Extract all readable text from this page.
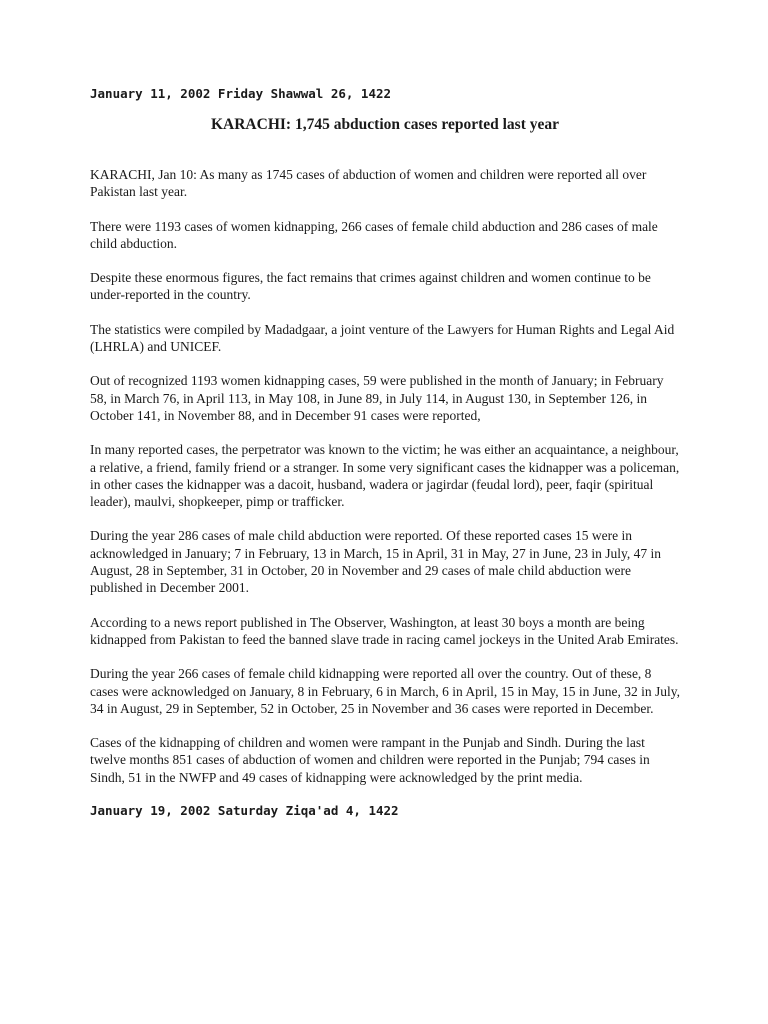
January 11, 2002 Friday Shawwal 26, 1422

KARACHI: 1,745 abduction cases reported last year

KARACHI, Jan 10: As many as 1745 cases of abduction of women and children were reported all over Pakistan last year.

There were 1193 cases of women kidnapping, 266 cases of female child abduction and 286 cases of male child abduction.

Despite these enormous figures, the fact remains that crimes against children and women continue to be under-reported in the country.

The statistics were compiled by Madadgaar, a joint venture of the Lawyers for Human Rights and Legal Aid (LHRLA) and UNICEF.

Out of recognized 1193 women kidnapping cases, 59 were published in the month of January; in February 58, in March 76, in April 113, in May 108, in June 89, in July 114, in August 130, in September 126, in October 141, in November 88, and in December 91 cases were reported,

In many reported cases, the perpetrator was known to the victim; he was either an acquaintance, a neighbour, a relative, a friend, family friend or a stranger. In some very significant cases the kidnapper was a policeman, in other cases the kidnapper was a dacoit, husband, wadera or jagirdar (feudal lord), peer, faqir (spiritual leader), maulvi, shopkeeper, pimp or trafficker.

During the year 286 cases of male child abduction were reported. Of these reported cases 15 were in acknowledged in January; 7 in February, 13 in March, 15 in April, 31 in May, 27 in June, 23 in July, 47 in August, 28 in September, 31 in October, 20 in November and 29 cases of male child abduction were published in December 2001.

According to a news report published in The Observer, Washington, at least 30 boys a month are being kidnapped from Pakistan to feed the banned slave trade in racing camel jockeys in the United Arab Emirates.

During the year 266 cases of female child kidnapping were reported all over the country. Out of these, 8 cases were acknowledged on January, 8 in February, 6 in March, 6 in April, 15 in May, 15 in June, 32 in July, 34 in August, 29 in September, 52 in October, 25 in November and 36 cases were reported in December.

Cases of the kidnapping of children and women were rampant in the Punjab and Sindh. During the last twelve months 851 cases of abduction of women and children were reported in the Punjab; 794 cases in Sindh, 51 in the NWFP and 49 cases of kidnapping were acknowledged by the print media.

January 19, 2002 Saturday Ziqa'ad 4, 1422
